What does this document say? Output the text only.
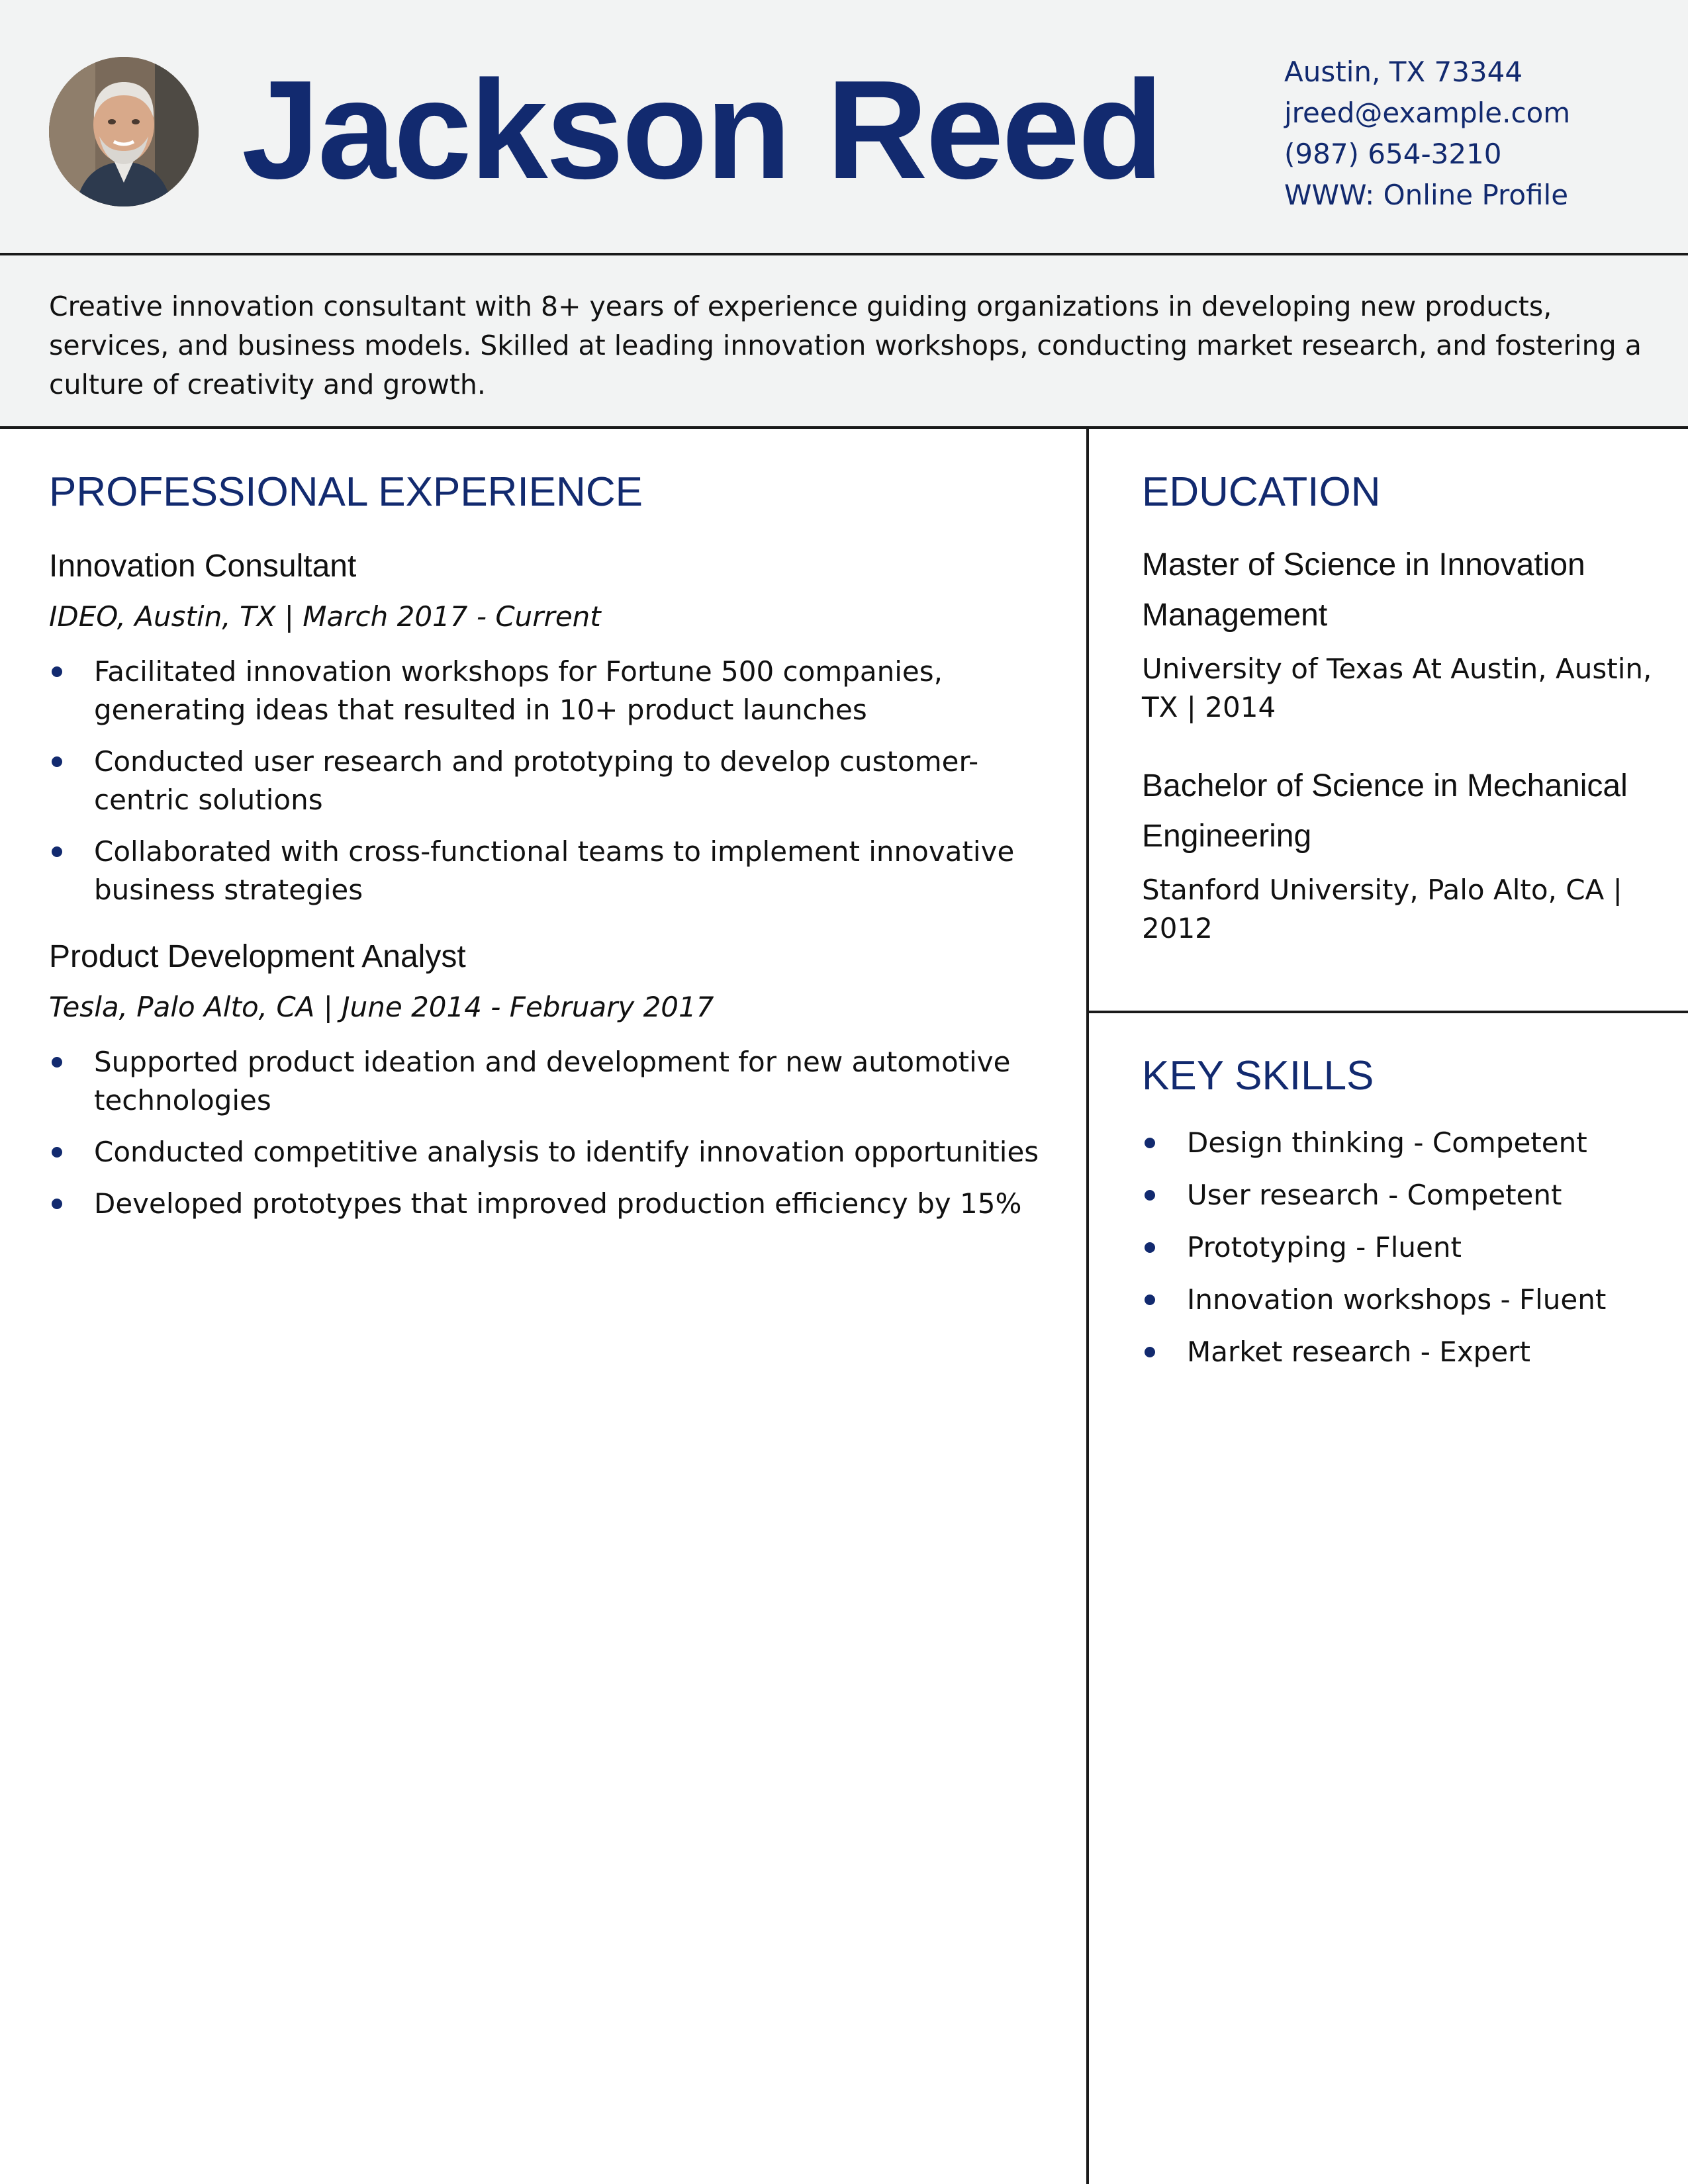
Jackson Reed	Austin, TX 73344
jreed@example.com
(987) 654-3210
WWW: Online Profile

Creative innovation consultant with 8+ years of experience guiding organizations in developing new products, services, and business models. Skilled at leading innovation workshops, conducting market research, and fostering a culture of creativity and growth.

PROFESSIONAL EXPERIENCE
Innovation Consultant
IDEO, Austin, TX | March 2017 - Current
Facilitated innovation workshops for Fortune 500 companies, generating ideas that resulted in 10+ product launches
Conducted user research and prototyping to develop customer-centric solutions
Collaborated with cross-functional teams to implement innovative business strategies
Product Development Analyst
Tesla, Palo Alto, CA | June 2014 - February 2017
Supported product ideation and development for new automotive technologies
Conducted competitive analysis to identify innovation opportunities
Developed prototypes that improved production efficiency by 15%
EDUCATION
Master of Science in Innovation Management
University of Texas At Austin, Austin, TX | 2014
Bachelor of Science in Mechanical Engineering
Stanford University, Palo Alto, CA | 2012
KEY SKILLS
Design thinking - Competent
User research - Competent
Prototyping - Fluent
Innovation workshops - Fluent
Market research - Expert
